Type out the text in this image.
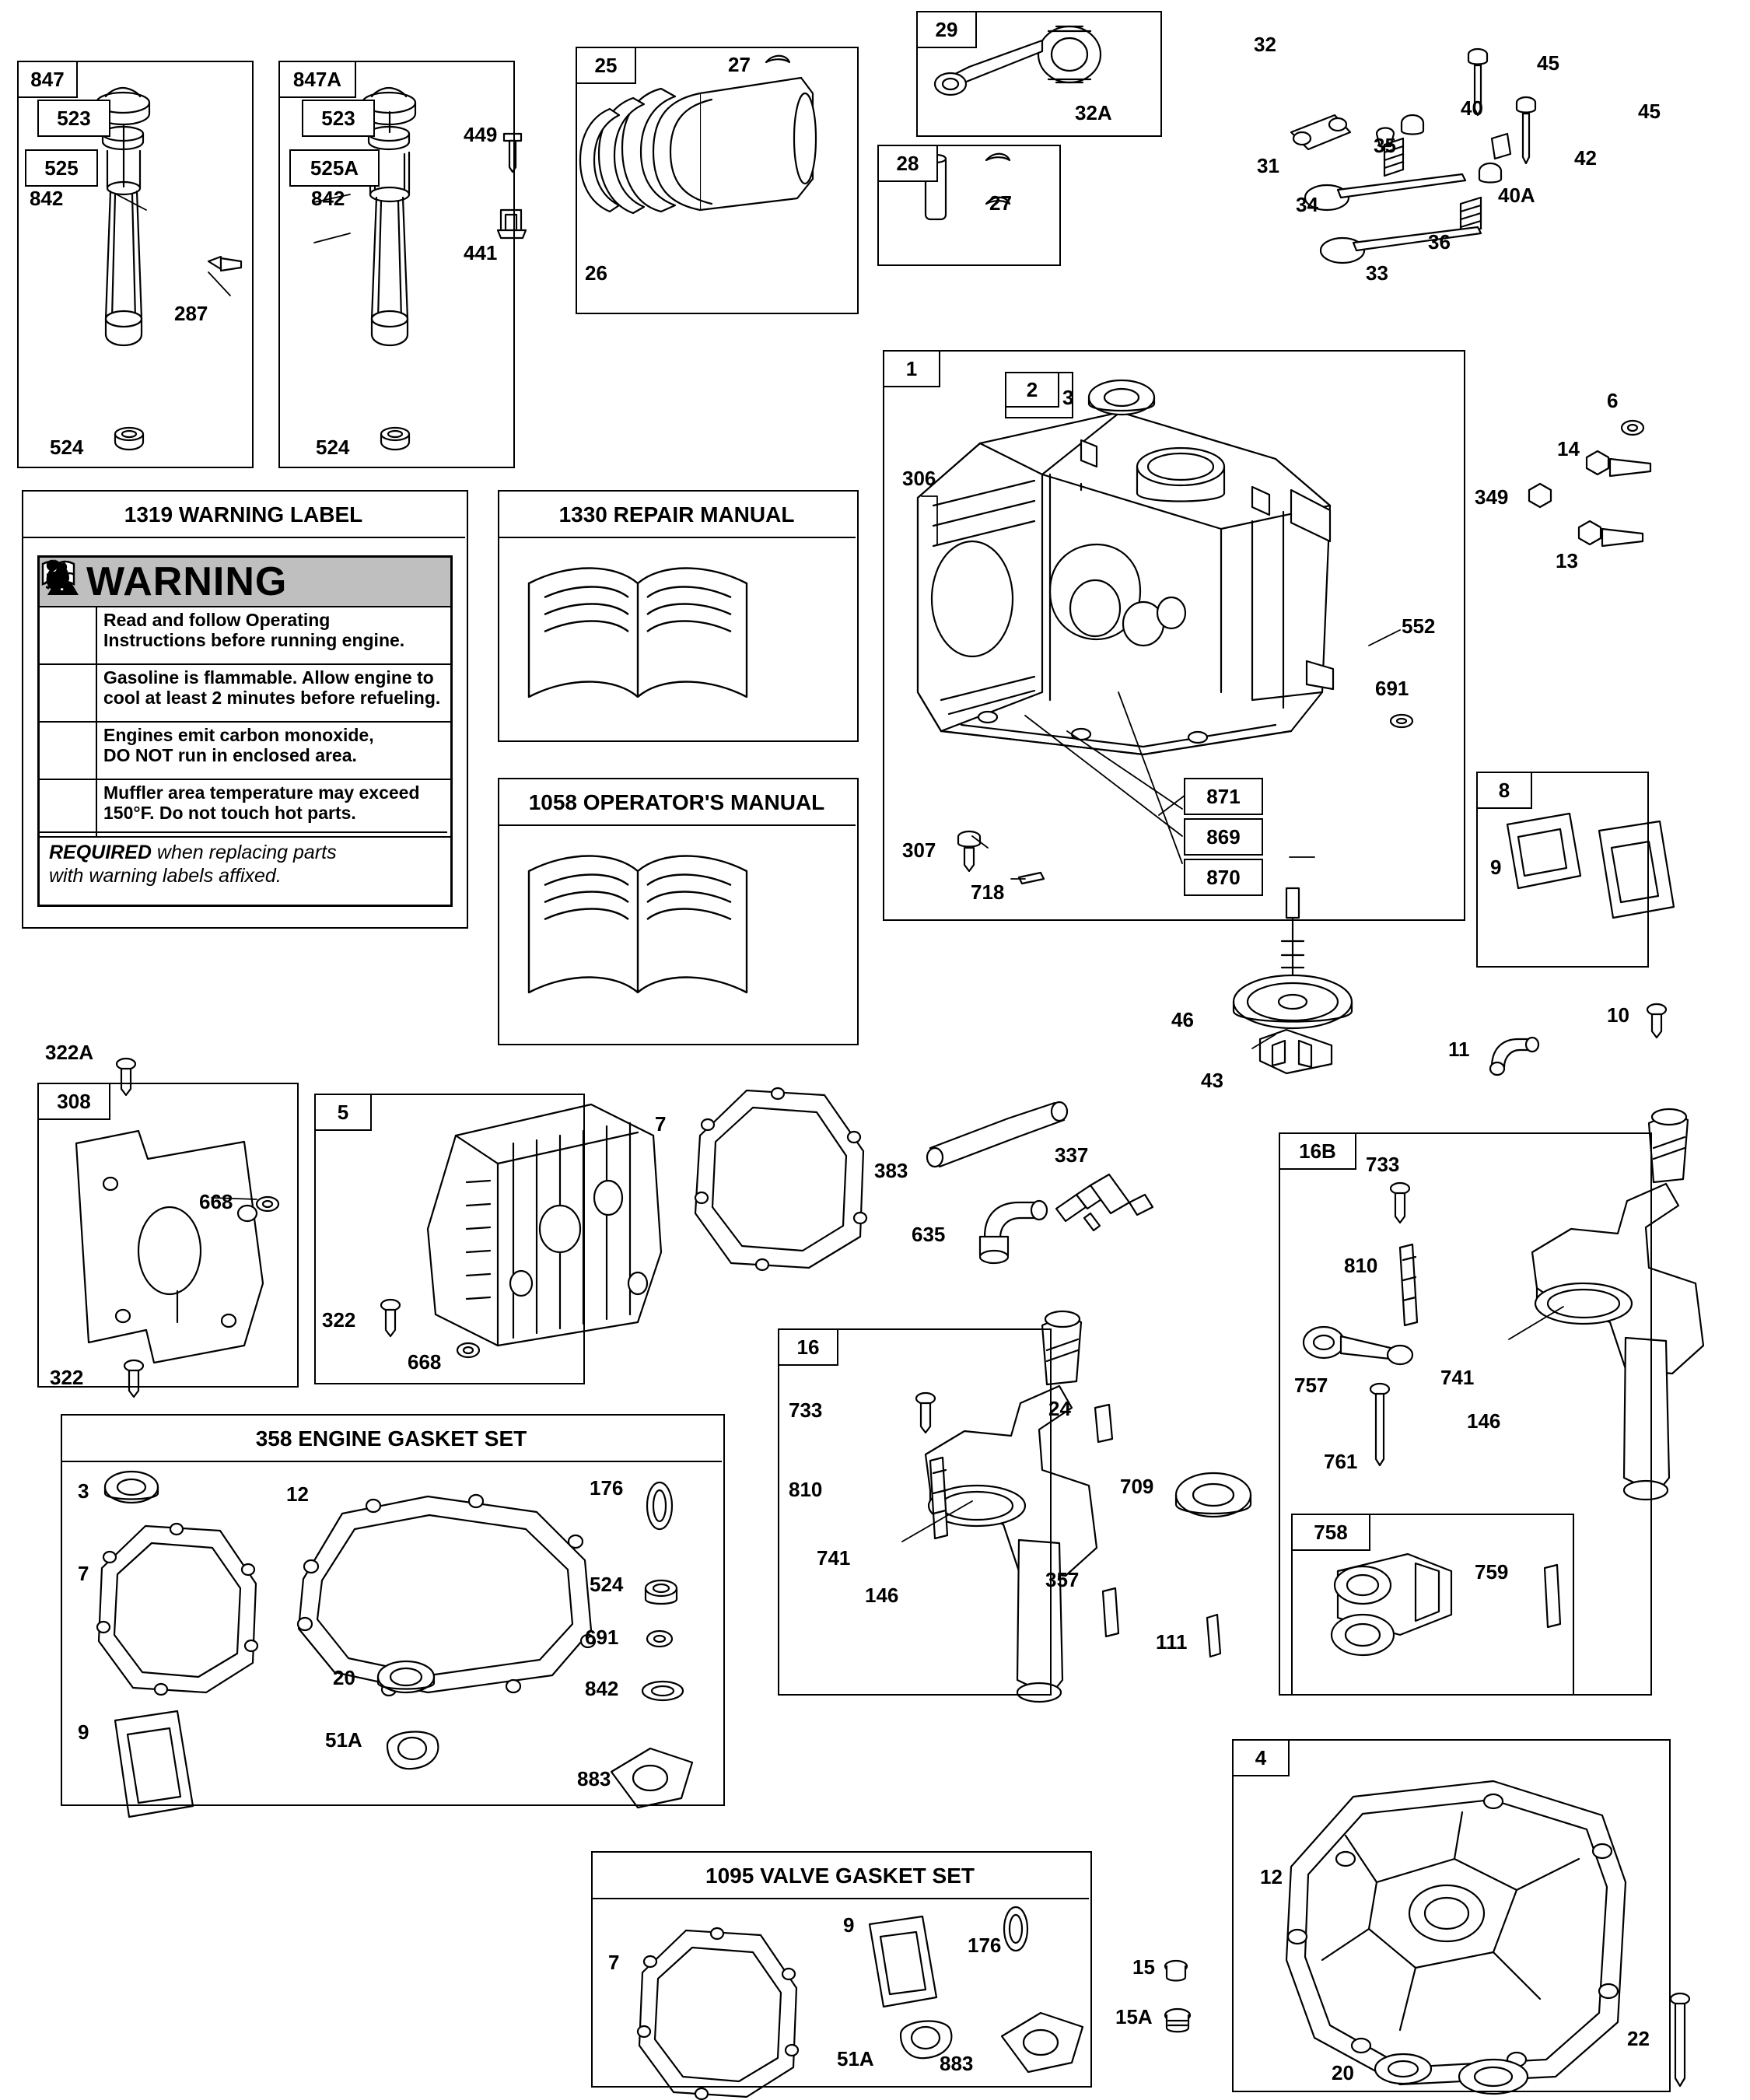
847	847A
25
29
28
1
2
8
308	5
16
16B
758
4
358 ENGINE GASKET SET
1095 VALVE GASKET SET
1319 WARNING LABEL
WARNING
Read and follow Operating
Instructions before running engine.
Gasoline is flammable. Allow engine to
cool at least 2 minutes before refueling.
Engines emit carbon monoxide,
DO NOT run in enclosed area.
Muffler area temperature may exceed
150°F. Do not touch hot parts.
REQUIRED when replacing parts
with warning labels affixed.
1330 REPAIR MANUAL
1058 OPERATOR'S MANUAL
523
525
842
287
524
523
525A
842
449
441
524
27
26
32A
27
32
45
40	45
31
35
42
34	40A
33
36
3
306
552
691
871
869
870
307
718
6
14
349
13
9
10
46
43
11
322A
668
322
322
668
7
383
337
635
733
810
741
146
24
709
357
111
733
810
757	741
146
761
759
3	12	176
7	524
691
20	842
9	51A
883
7
9
176
51A	883
15
15A
12
20
22
